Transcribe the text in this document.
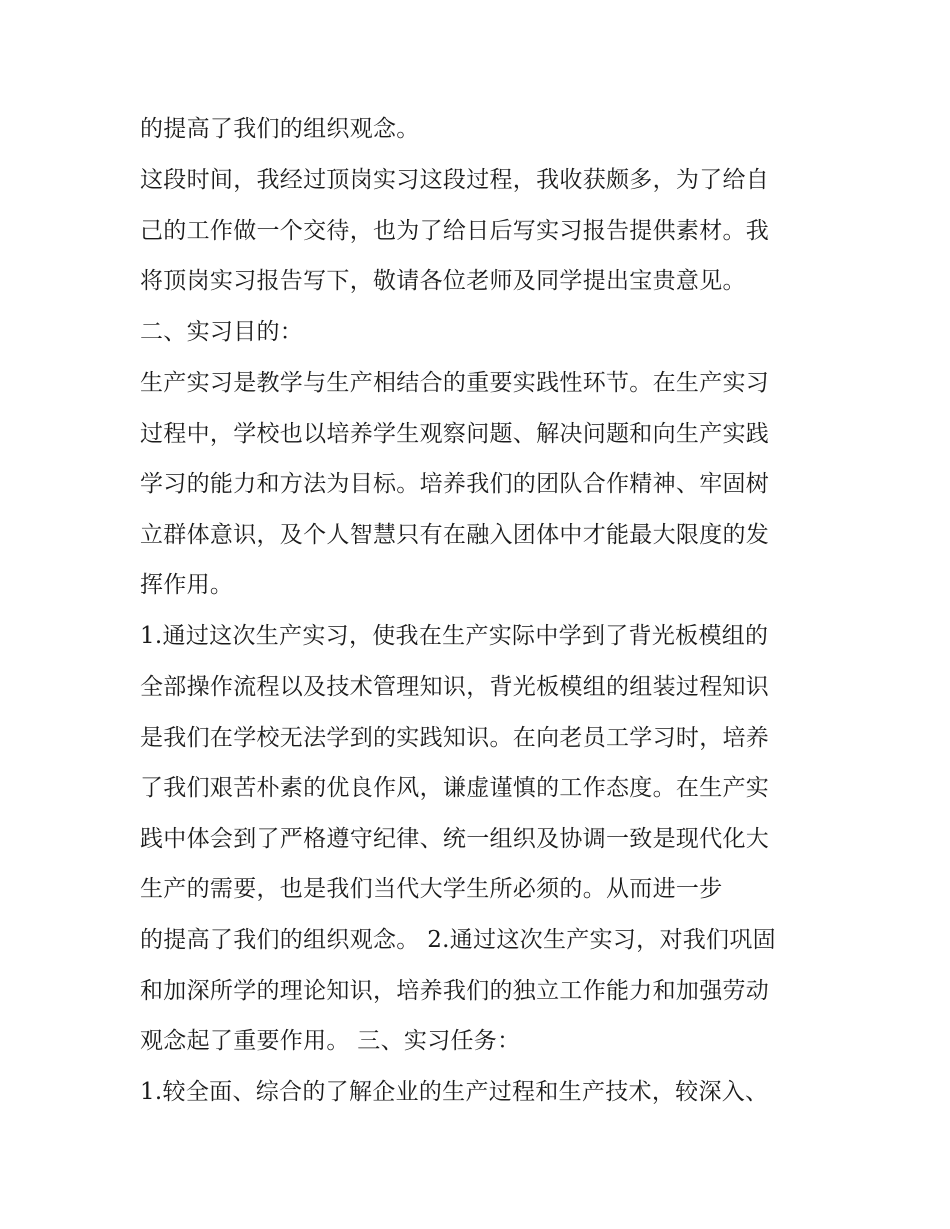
的提高了我们的组织观念。
这段时间，我经过顶岗实习这段过程，我收获颇多，为了给自
己的工作做一个交待，也为了给日后写实习报告提供素材。我
将顶岗实习报告写下，敬请各位老师及同学提出宝贵意见。
二、实习目的：
生产实习是教学与生产相结合的重要实践性环节。在生产实习
过程中，学校也以培养学生观察问题、解决问题和向生产实践
学习的能力和方法为目标。培养我们的团队合作精神、牢固树
立群体意识，及个人智慧只有在融入团体中才能最大限度的发
挥作用。
1.通过这次生产实习，使我在生产实际中学到了背光板模组的
全部操作流程以及技术管理知识，背光板模组的组装过程知识
是我们在学校无法学到的实践知识。在向老员工学习时，培养
了我们艰苦朴素的优良作风，谦虚谨慎的工作态度。在生产实
践中体会到了严格遵守纪律、统一组织及协调一致是现代化大
生产的需要，也是我们当代大学生所必须的。从而进一步
的提高了我们的组织观念。 2.通过这次生产实习，对我们巩固
和加深所学的理论知识，培养我们的独立工作能力和加强劳动
观念起了重要作用。 三、实习任务：
1.较全面、综合的了解企业的生产过程和生产技术，较深入、
